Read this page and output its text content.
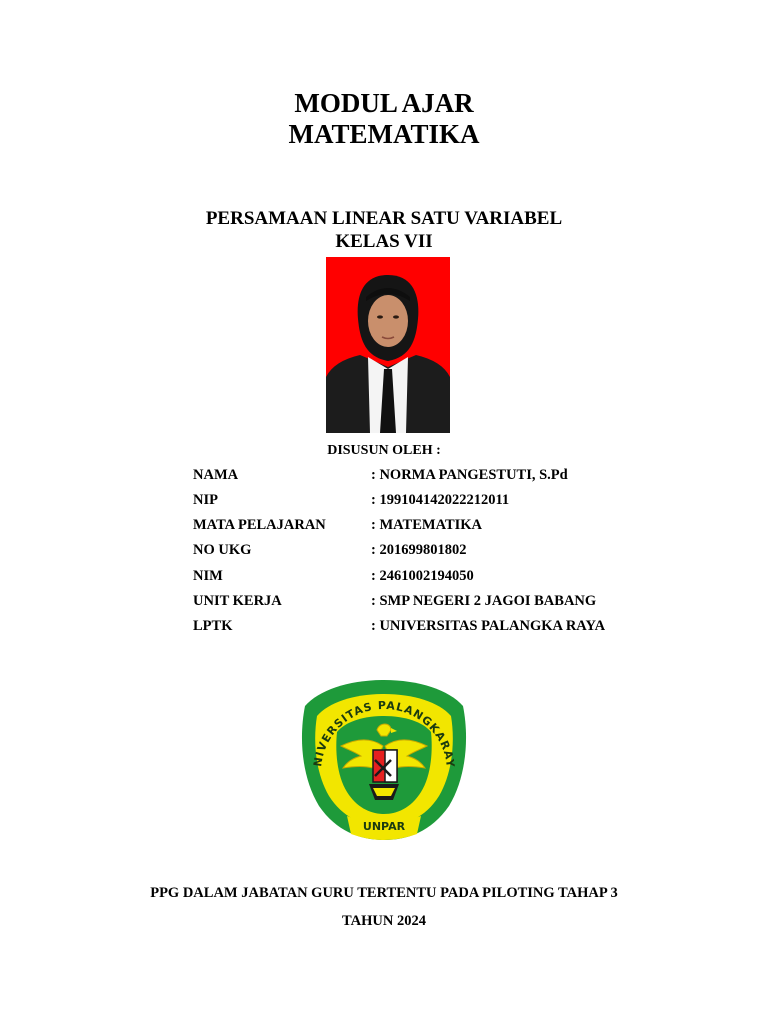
MODUL AJAR
MATEMATIKA
PERSAMAAN LINEAR SATU VARIABEL
KELAS VII
DISUSUN OLEH :
NAMA	: NORMA PANGESTUTI, S.Pd
NIP	: 199104142022212011
MATA PELAJARAN	: MATEMATIKA
NO UKG	: 201699801802
NIM	: 2461002194050
UNIT KERJA	: SMP NEGERI 2 JAGOI BABANG
LPTK	: UNIVERSITAS PALANGKA RAYA
NIVERSITAS PALANGKARAY
UNPAR
PPG DALAM JABATAN GURU TERTENTU PADA PILOTING TAHAP 3
TAHUN 2024
